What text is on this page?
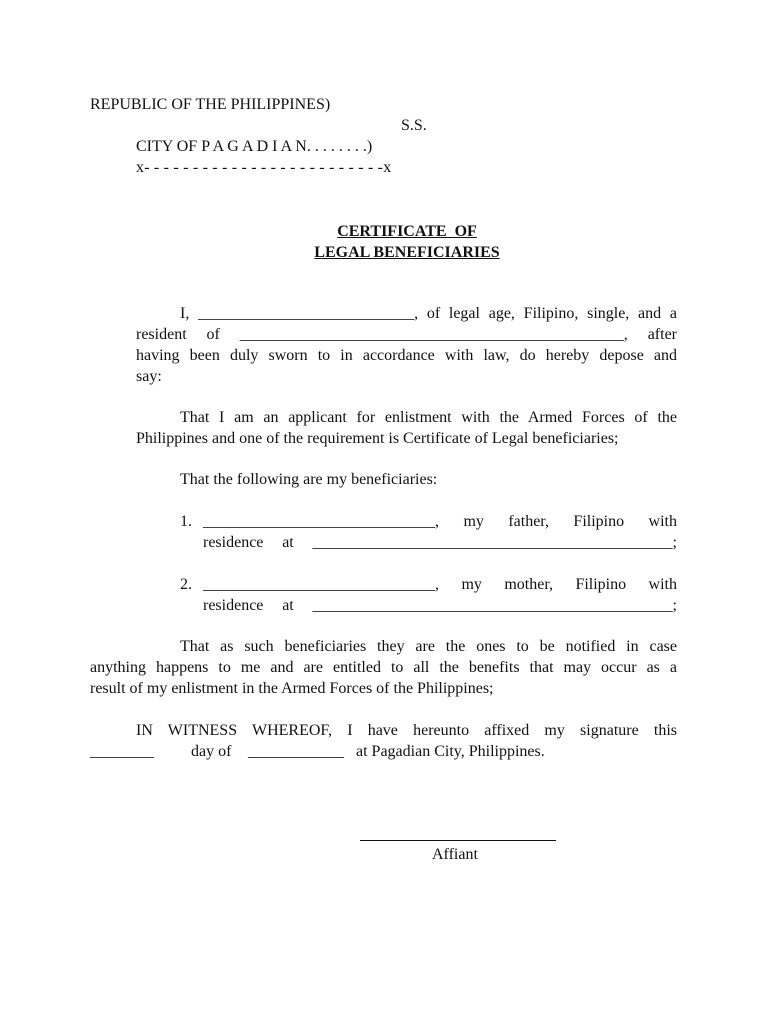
REPUBLIC OF THE PHILIPPINES)

S.S.

CITY OF P A G A D I A N. . . . . . . .)

x- - - - - - - - - - - - - - - - - - - - - - - - -x

CERTIFICATE  OF

LEGAL BENEFICIARIES

I, ___________________________, of legal age, Filipino, single, and a
resident of ________________________________________________, after
having been duly sworn to in accordance with law, do hereby depose and
say:
That I am an applicant for enlistment with the Armed Forces of the
Philippines and one of the requirement is Certificate of Legal beneficiaries;

That the following are my beneficiaries:

1. _____________________________, my father, Filipino with
residence at _____________________________________________;

2. _____________________________, my mother, Filipino with
residence at _____________________________________________;
That as such beneficiaries they are the ones to be notified in case
anything happens to me and are entitled to all the benefits that may occur as a
result of my enlistment in the Armed Forces of the Philippines;
IN WITNESS WHEREOF, I have hereunto affixed my signature this

________ day of ____________ at Pagadian City, Philippines.

Affiant
